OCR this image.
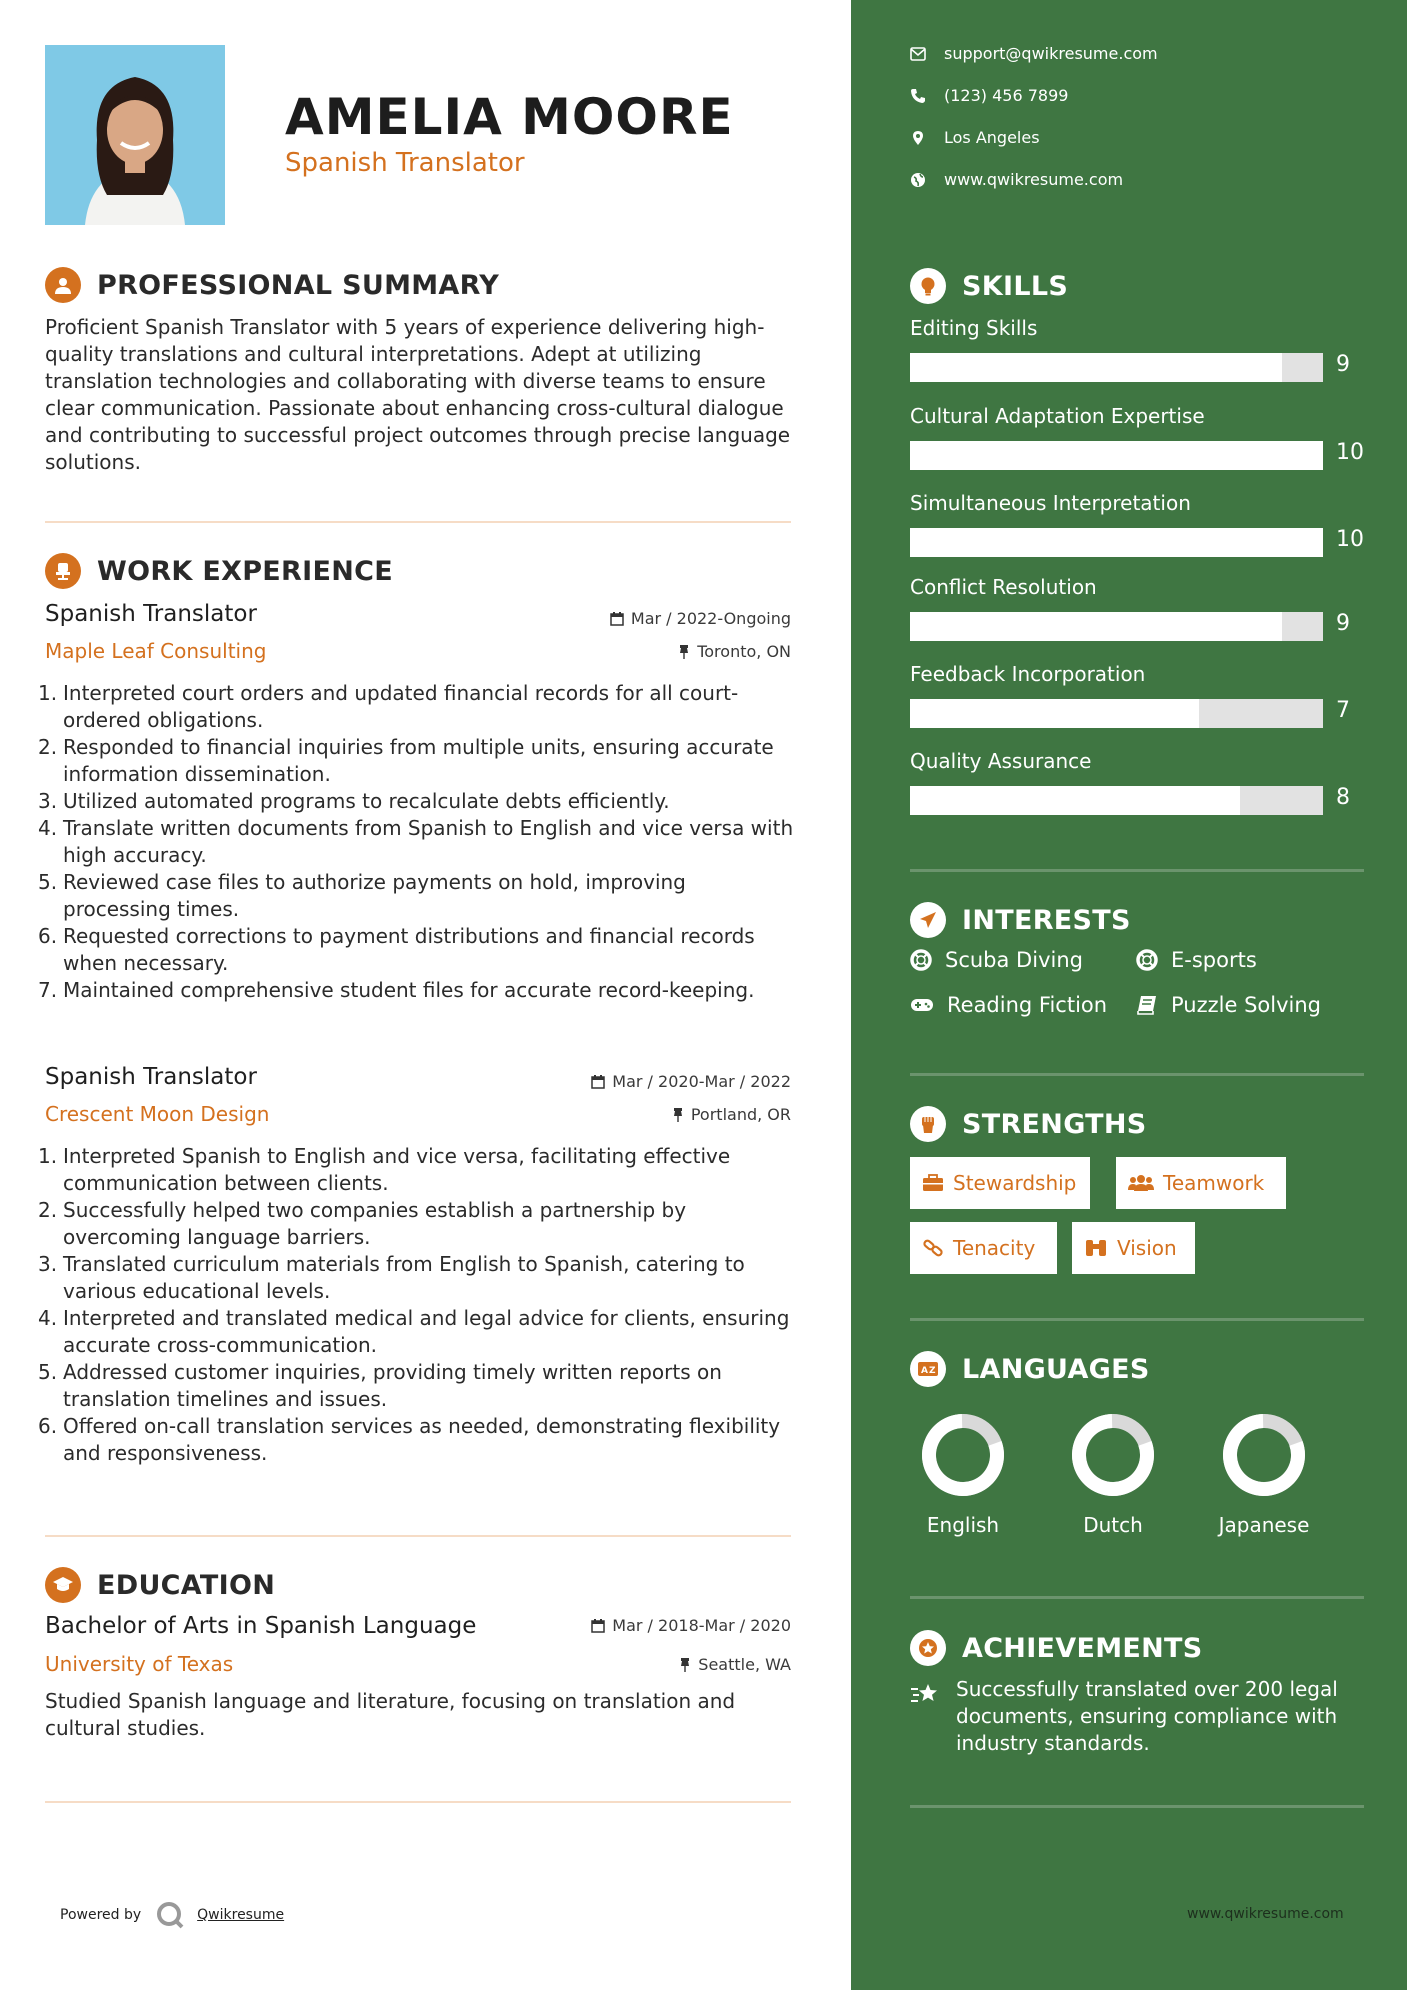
AMELIA MOORE
Spanish Translator
PROFESSIONAL SUMMARY
Proficient Spanish Translator with 5 years of experience delivering high-quality translations and cultural interpretations. Adept at utilizing translation technologies and collaborating with diverse teams to ensure clear communication. Passionate about enhancing cross-cultural dialogue and contributing to successful project outcomes through precise language solutions.
WORK EXPERIENCE
Spanish Translator	Mar / 2022-Ongoing
Maple Leaf Consulting	Toronto, ON
1. Interpreted court orders and updated financial records for all court-ordered obligations.
2. Responded to financial inquiries from multiple units, ensuring accurate information dissemination.
3. Utilized automated programs to recalculate debts efficiently.
4. Translate written documents from Spanish to English and vice versa with high accuracy.
5. Reviewed case files to authorize payments on hold, improving processing times.
6. Requested corrections to payment distributions and financial records when necessary.
7. Maintained comprehensive student files for accurate record-keeping.
Spanish Translator	Mar / 2020-Mar / 2022
Crescent Moon Design	Portland, OR
1. Interpreted Spanish to English and vice versa, facilitating effective communication between clients.
2. Successfully helped two companies establish a partnership by overcoming language barriers.
3. Translated curriculum materials from English to Spanish, catering to various educational levels.
4. Interpreted and translated medical and legal advice for clients, ensuring accurate cross-communication.
5. Addressed customer inquiries, providing timely written reports on translation timelines and issues.
6. Offered on-call translation services as needed, demonstrating flexibility and responsiveness.
EDUCATION
Bachelor of Arts in Spanish Language	Mar / 2018-Mar / 2020
University of Texas	Seattle, WA
Studied Spanish language and literature, focusing on translation and cultural studies.
Powered by	Qwikresume
support@qwikresume.com
(123) 456 7899
Los Angeles
www.qwikresume.com
SKILLS
Editing Skills
9
Cultural Adaptation Expertise
10
Simultaneous Interpretation
10
Conflict Resolution
9
Feedback Incorporation
7
Quality Assurance
8
INTERESTS
Scuba Diving	E-sports
Reading Fiction	Puzzle Solving
STRENGTHS
Stewardship	Teamwork
Tenacity	Vision
A Z LANGUAGES
English	Dutch	Japanese
ACHIEVEMENTS
Successfully translated over 200 legal documents, ensuring compliance with industry standards.
www.qwikresume.com
